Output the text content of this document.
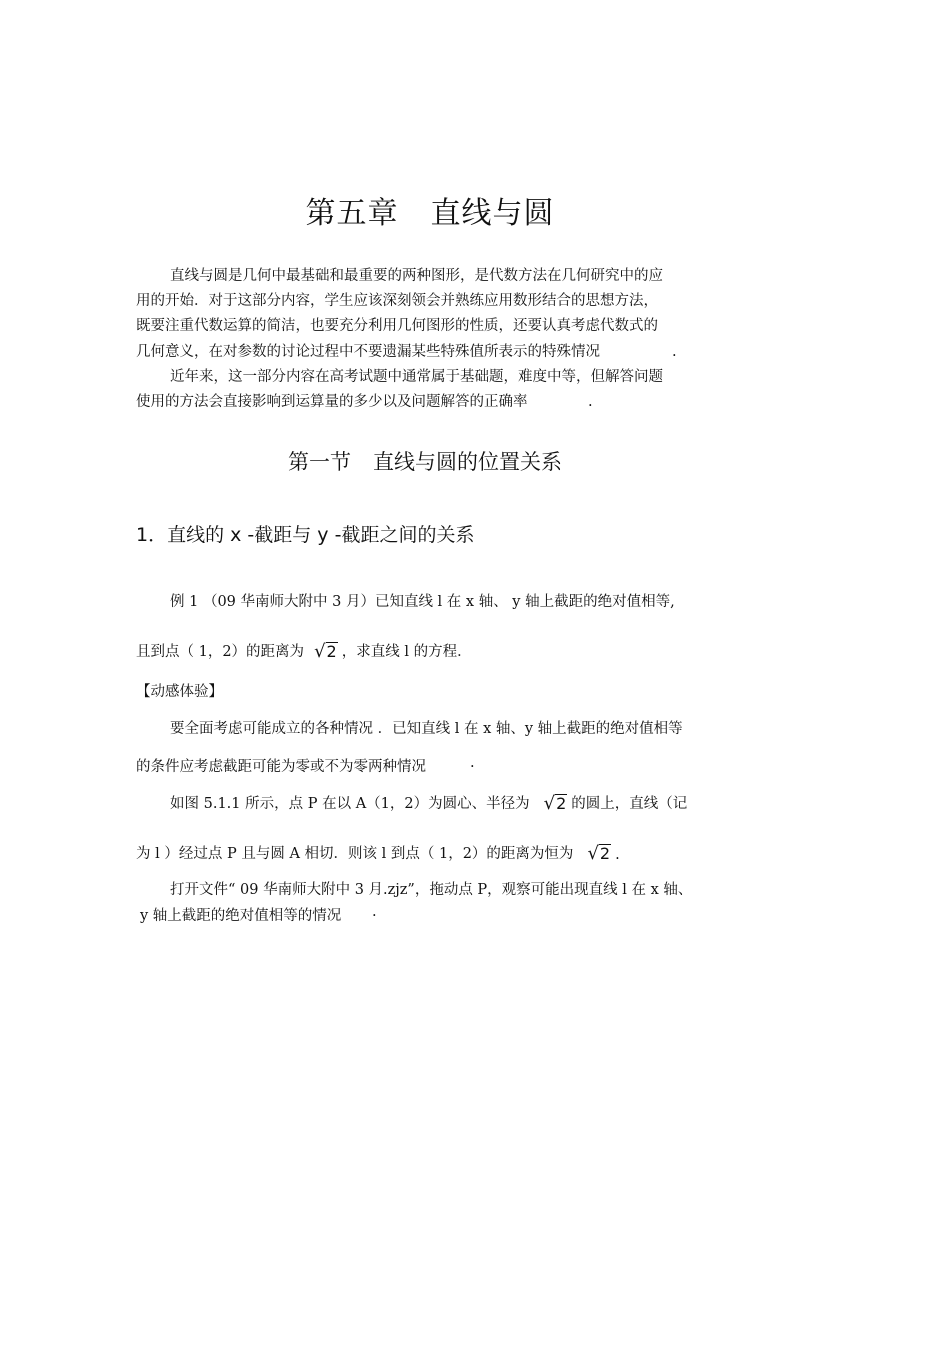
第五章 直线与圆
直线与圆是几何中最基础和最重要的两种图形，是代数方法在几何研究中的应
用的开始．对于这部分内容，学生应该深刻领会并熟练应用数形结合的思想方法，
既要注重代数运算的简洁，也要充分利用几何图形的性质，还要认真考虑代数式的
几何意义，在对参数的讨论过程中不要遗漏某些特殊值所表示的特殊情况	.
近年来，这一部分内容在高考试题中通常属于基础题，难度中等，但解答问题
使用的方法会直接影响到运算量的多少以及问题解答的正确率	.
第一节 直线与圆的位置关系
1．直线的 x -截距与 y -截距之间的关系
例 1 （09 华南师大附中 3 月）已知直线 l 在 x 轴、 y 轴上截距的绝对值相等,
且到点（ 1，2）的距离为 √ 2 ，求直线 l 的方程．
【动感体验】
要全面考虑可能成立的各种情况 ．已知直线 l 在 x 轴、y 轴上截距的绝对值相等
的条件应考虑截距可能为零或不为零两种情况	.
如图 5.1.1 所示，点 P 在以 A（1，2）为圆心、半径为 √ 2 的圆上，直线（记
为 l ）经过点 P 且与圆 A 相切．则该 l 到点（ 1，2）的距离为恒为 √ 2 .
打开文件“ 09 华南师大附中 3 月.zjz”，拖动点 P，观察可能出现直线 l 在 x 轴、
y 轴上截距的绝对值相等的情况 .
